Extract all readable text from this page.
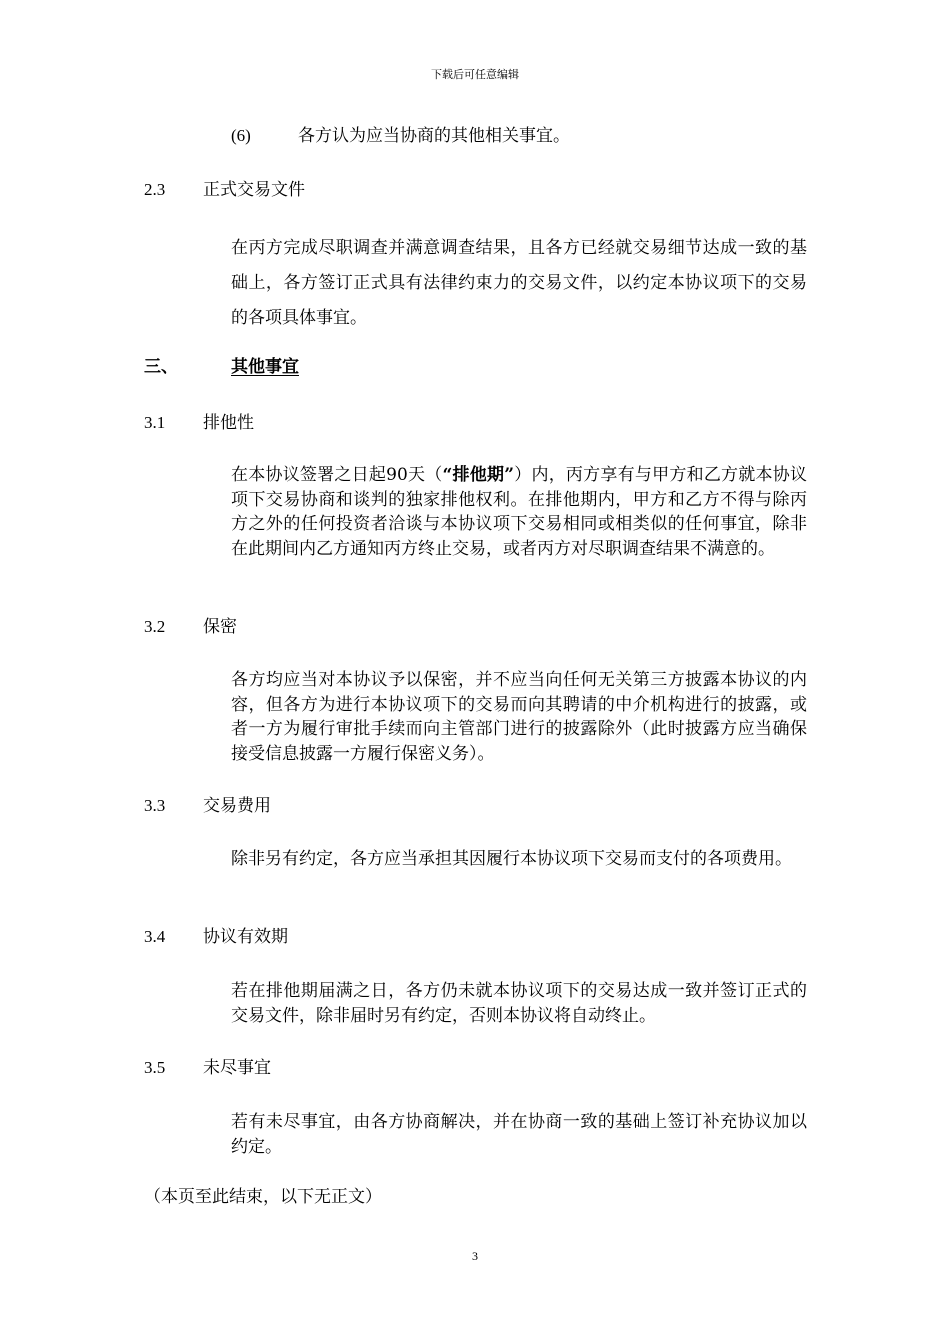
下载后可任意编辑
(6)	各方认为应当协商的其他相关事宜。
2.3 正式交易文件
在丙方完成尽职调查并满意调查结果，且各方已经就交易细节达成一致的基础上，各方签订正式具有法律约束力的交易文件，以约定本协议项下的交易的各项具体事宜。
三、	其他事宜
3.1 排他性
在本协议签署之日起90天（“排他期”）内，丙方享有与甲方和乙方就本协议项下交易协商和谈判的独家排他权利。在排他期内，甲方和乙方不得与除丙方之外的任何投资者洽谈与本协议项下交易相同或相类似的任何事宜，除非在此期间内乙方通知丙方终止交易，或者丙方对尽职调查结果不满意的。
3.2 保密
各方均应当对本协议予以保密，并不应当向任何无关第三方披露本协议的内容，但各方为进行本协议项下的交易而向其聘请的中介机构进行的披露，或者一方为履行审批手续而向主管部门进行的披露除外（此时披露方应当确保接受信息披露一方履行保密义务）。
3.3 交易费用
除非另有约定，各方应当承担其因履行本协议项下交易而支付的各项费用。
3.4 协议有效期
若在排他期届满之日，各方仍未就本协议项下的交易达成一致并签订正式的交易文件，除非届时另有约定，否则本协议将自动终止。
3.5 未尽事宜
若有未尽事宜，由各方协商解决，并在协商一致的基础上签订补充协议加以约定。
（本页至此结束，以下无正文）
3
